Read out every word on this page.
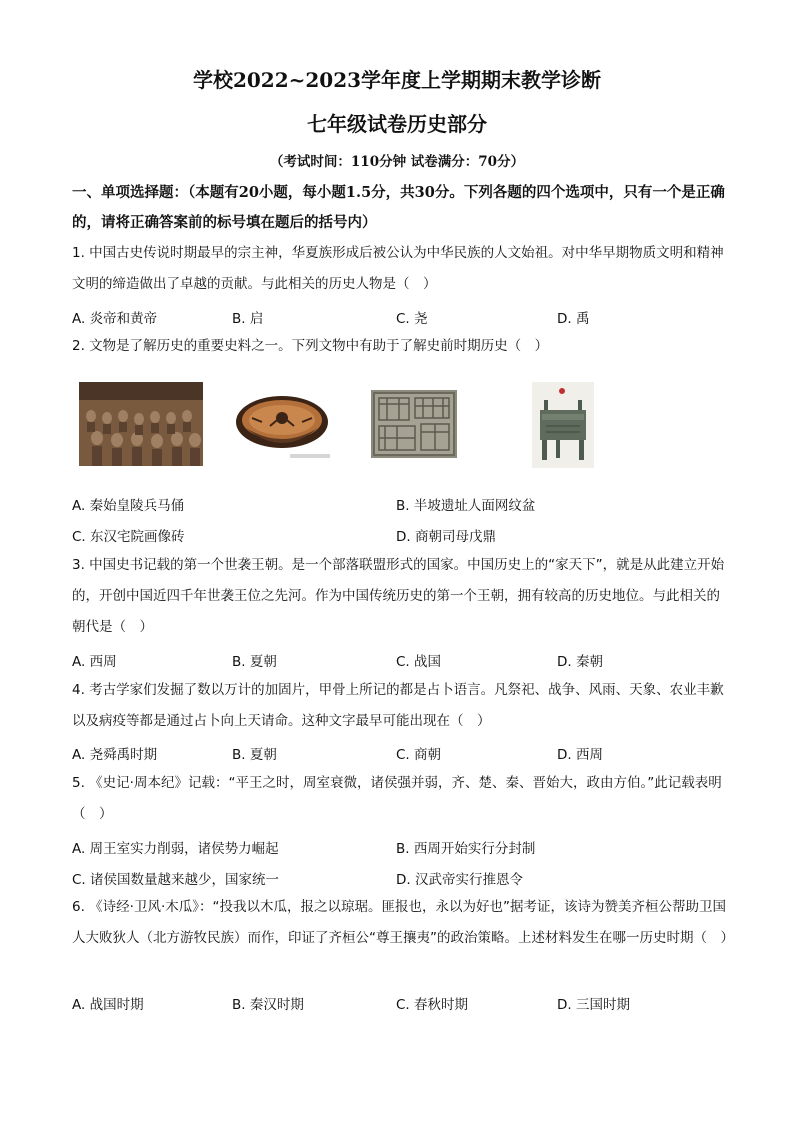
学校2022~2023学年度上学期期末教学诊断
七年级试卷历史部分
（考试时间：110分钟 试卷满分：70分）
一、单项选择题：（本题有20小题，每小题1.5分，共30分。下列各题的四个选项中，只有一个是正确的，请将正确答案前的标号填在题后的括号内）
1. 中国古史传说时期最早的宗主神，华夏族形成后被公认为中华民族的人文始祖。对中华早期物质文明和精神文明的缔造做出了卓越的贡献。与此相关的历史人物是（　）
A. 炎帝和黄帝	B. 启	C. 尧	D. 禹
2. 文物是了解历史的重要史料之一。下列文物中有助于了解史前时期历史（　）
A. 秦始皇陵兵马俑	B. 半坡遗址人面网纹盆
C. 东汉宅院画像砖	D. 商朝司母戊鼎
3. 中国史书记载的第一个世袭王朝。是一个部落联盟形式的国家。中国历史上的“家天下”，就是从此建立开始的，开创中国近四千年世袭王位之先河。作为中国传统历史的第一个王朝，拥有较高的历史地位。与此相关的朝代是（　）
A. 西周	B. 夏朝	C. 战国	D. 秦朝
4. 考古学家们发掘了数以万计的加固片，甲骨上所记的都是占卜语言。凡祭祀、战争、风雨、天象、农业丰歉以及病疫等都是通过占卜向上天请命。这种文字最早可能出现在（　）
A. 尧舜禹时期	B. 夏朝	C. 商朝	D. 西周
5. 《史记·周本纪》记载：“平王之时，周室衰微，诸侯强并弱，齐、楚、秦、晋始大，政由方伯。”此记载表明（　）
A. 周王室实力削弱，诸侯势力崛起	B. 西周开始实行分封制
C. 诸侯国数量越来越少，国家统一	D. 汉武帝实行推恩令
6. 《诗经·卫风·木瓜》：“投我以木瓜，报之以琼琚。匪报也，永以为好也”据考证，该诗为赞美齐桓公帮助卫国人大败狄人（北方游牧民族）而作，印证了齐桓公“尊王攘夷”的政治策略。上述材料发生在哪一历史时期（　）
A. 战国时期	B. 秦汉时期	C. 春秋时期	D. 三国时期
